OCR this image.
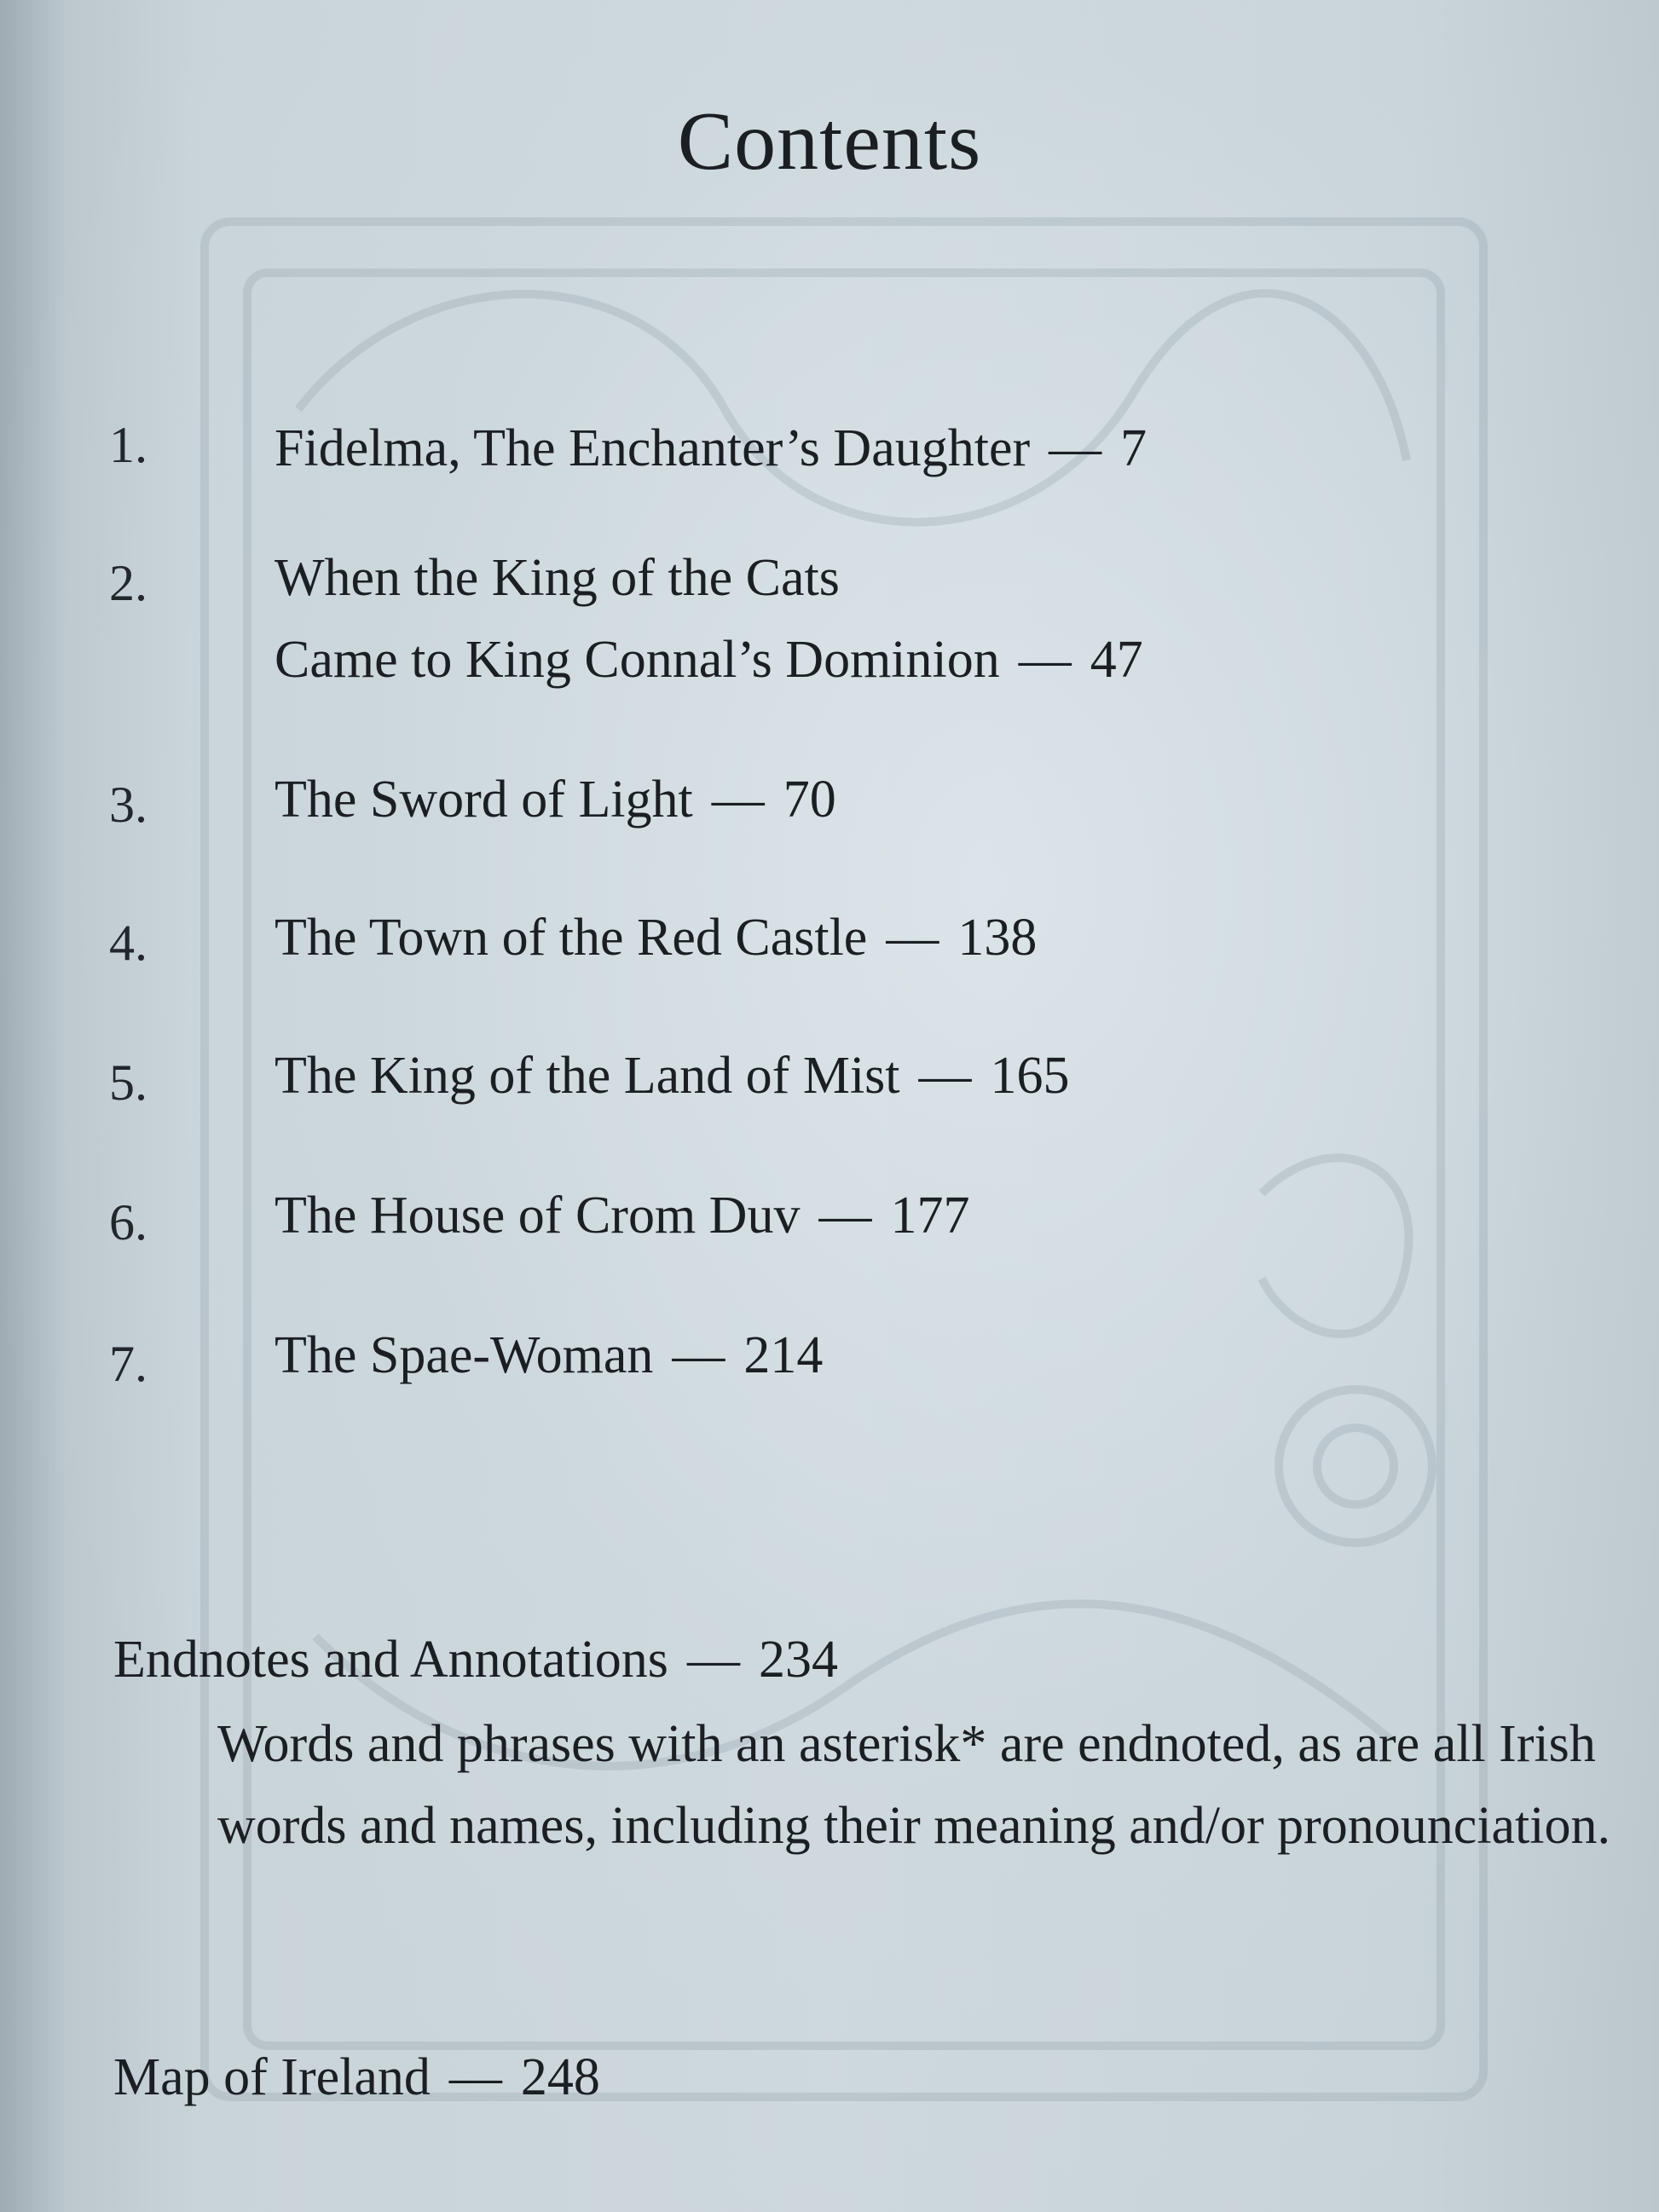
Contents
1. Fidelma, The Enchanter’s Daughter — 7
2. When the King of the Cats
Came to King Connal’s Dominion — 47
3. The Sword of Light — 70
4. The Town of the Red Castle — 138
5. The King of the Land of Mist — 165
6. The House of Crom Duv — 177
7. The Spae-Woman — 214
Endnotes and Annotations — 234
Words and phrases with an asterisk* are endnoted, as are all Irish words and names, including their meaning and/or pronounciation.
Map of Ireland — 248
